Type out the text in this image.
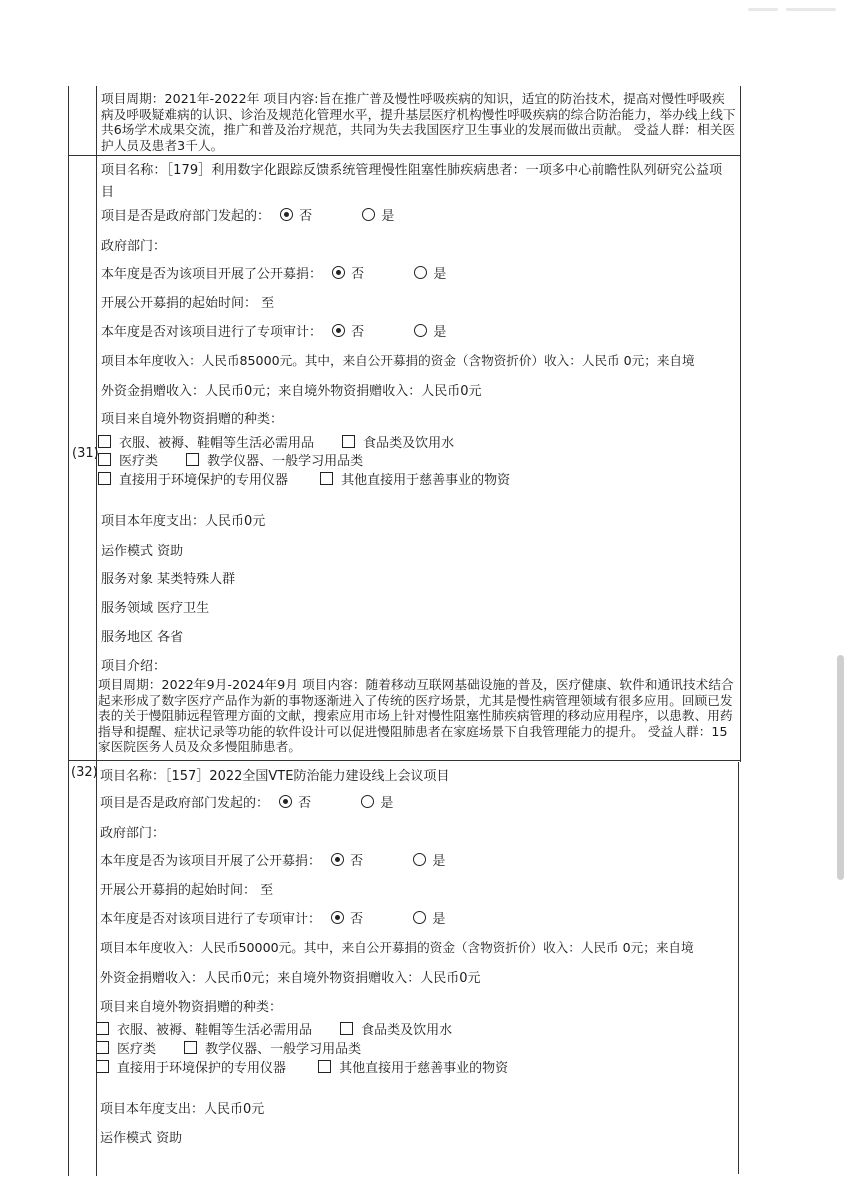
项目周期：2021年-2022年 项目内容:旨在推广普及慢性呼吸疾病的知识，适宜的防治技术，提高对慢性呼吸疾病及呼吸疑难病的认识、诊治及规范化管理水平，提升基层医疗机构慢性呼吸疾病的综合防治能力，举办线上线下共6场学术成果交流，推广和普及治疗规范，共同为失去我国医疗卫生事业的发展而做出贡献。 受益人群：相关医护人员及患者3千人。
(31)
项目名称：［179］利用数字化跟踪反馈系统管理慢性阻塞性肺疾病患者：一项多中心前瞻性队列研究公益项目
项目是否是政府部门发起的： 否	是
政府部门：
本年度是否为该项目开展了公开募捐： 否	是
开展公开募捐的起始时间： 至
本年度是否对该项目进行了专项审计： 否	是
项目本年度收入：人民币85000元。其中，来自公开募捐的资金（含物资折价）收入：人民币 0元；来自境
外资金捐赠收入：人民币0元；来自境外物资捐赠收入：人民币0元
项目来自境外物资捐赠的种类：
衣服、被褥、鞋帽等生活必需用品	食品类及饮用水
医疗类	教学仪器、一般学习用品类
直接用于环境保护的专用仪器	其他直接用于慈善事业的物资
项目本年度支出：人民币0元
运作模式 资助
服务对象 某类特殊人群
服务领域 医疗卫生
服务地区 各省
项目介绍：
项目周期：2022年9月-2024年9月 项目内容：随着移动互联网基础设施的普及，医疗健康、软件和通讯技术结合起来形成了数字医疗产品作为新的事物逐渐进入了传统的医疗场景，尤其是慢性病管理领域有很多应用。回顾已发表的关于慢阻肺远程管理方面的文献，搜索应用市场上针对慢性阻塞性肺疾病管理的移动应用程序，以患教、用药指导和提醒、症状记录等功能的软件设计可以促进慢阻肺患者在家庭场景下自我管理能力的提升。 受益人群：15家医院医务人员及众多慢阻肺患者。
(32) 项目名称：［157］2022全国VTE防治能力建设线上会议项目
项目是否是政府部门发起的： 否	是
政府部门：
本年度是否为该项目开展了公开募捐： 否	是
开展公开募捐的起始时间： 至
本年度是否对该项目进行了专项审计： 否	是
项目本年度收入：人民币50000元。其中，来自公开募捐的资金（含物资折价）收入：人民币 0元；来自境
外资金捐赠收入：人民币0元；来自境外物资捐赠收入：人民币0元
项目来自境外物资捐赠的种类：
衣服、被褥、鞋帽等生活必需用品	食品类及饮用水
医疗类	教学仪器、一般学习用品类
直接用于环境保护的专用仪器	其他直接用于慈善事业的物资
项目本年度支出：人民币0元
运作模式 资助
